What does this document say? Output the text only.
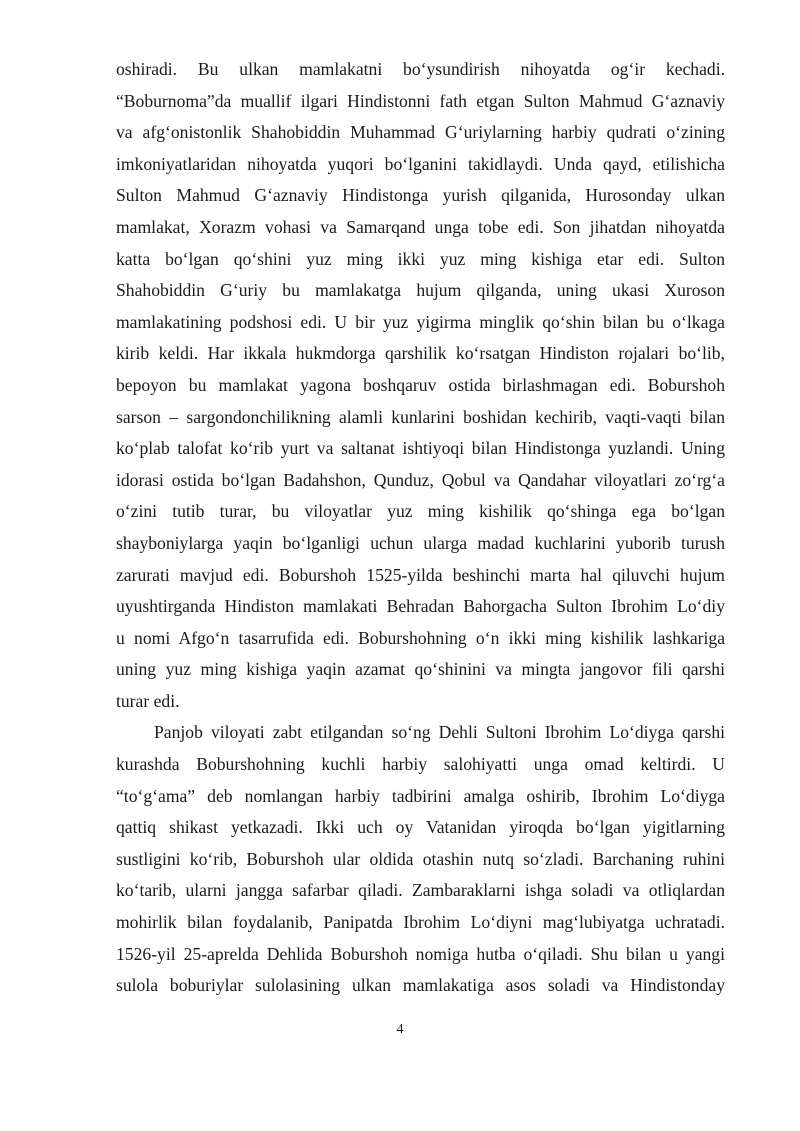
oshiradi. Bu ulkan mamlakatni bo‘ysundirish nihoyatda og‘ir kechadi.
“Boburnoma”da muallif ilgari Hindistonni fath etgan Sulton Mahmud G‘aznaviy
va afg‘onistonlik Shahobiddin Muhammad G‘uriylarning harbiy qudrati o‘zining
imkoniyatlaridan nihoyatda yuqori bo‘lganini takidlaydi. Unda qayd, etilishicha
Sulton Mahmud G‘aznaviy Hindistonga yurish qilganida, Hurosonday ulkan
mamlakat, Xorazm vohasi va Samarqand unga tobe edi. Son jihatdan nihoyatda
katta bo‘lgan qo‘shini yuz ming ikki yuz ming kishiga etar edi. Sulton
Shahobiddin G‘uriy bu mamlakatga hujum qilganda, uning ukasi Xuroson
mamlakatining podshosi edi. U bir yuz yigirma minglik qo‘shin bilan bu o‘lkaga
kirib keldi. Har ikkala hukmdorga qarshilik ko‘rsatgan Hindiston rojalari bo‘lib,
bepoyon bu mamlakat yagona boshqaruv ostida birlashmagan edi. Boburshoh
sarson – sargondonchilikning alamli kunlarini boshidan kechirib, vaqti-vaqti bilan
ko‘plab talofat ko‘rib yurt va saltanat ishtiyoqi bilan Hindistonga yuzlandi. Uning
idorasi ostida bo‘lgan Badahshon, Qunduz, Qobul va Qandahar viloyatlari zo‘rg‘a
o‘zini tutib turar, bu viloyatlar yuz ming kishilik qo‘shinga ega bo‘lgan
shayboniylarga yaqin bo‘lganligi uchun ularga madad kuchlarini yuborib turush
zarurati mavjud edi. Boburshoh 1525-yilda beshinchi marta hal qiluvchi hujum
uyushtirganda Hindiston mamlakati Behradan Bahorgacha Sulton Ibrohim Lo‘diy
u nomi Afgo‘n tasarrufida edi. Boburshohning o‘n ikki ming kishilik lashkariga
uning yuz ming kishiga yaqin azamat qo‘shinini va mingta jangovor fili qarshi
turar edi.
Panjob viloyati zabt etilgandan so‘ng Dehli Sultoni Ibrohim Lo‘diyga qarshi
kurashda Boburshohning kuchli harbiy salohiyatti unga omad keltirdi. U
“to‘g‘ama” deb nomlangan harbiy tadbirini amalga oshirib, Ibrohim Lo‘diyga
qattiq shikast yetkazadi. Ikki uch oy Vatanidan yiroqda bo‘lgan yigitlarning
sustligini ko‘rib, Boburshoh ular oldida otashin nutq so‘zladi. Barchaning ruhini
ko‘tarib, ularni jangga safarbar qiladi. Zambaraklarni ishga soladi va otliqlardan
mohirlik bilan foydalanib, Panipatda Ibrohim Lo‘diyni mag‘lubiyatga uchratadi.
1526-yil 25-aprelda Dehlida Boburshoh nomiga hutba o‘qiladi. Shu bilan u yangi
sulola boburiylar sulolasining ulkan mamlakatiga asos soladi va Hindistonday
4
